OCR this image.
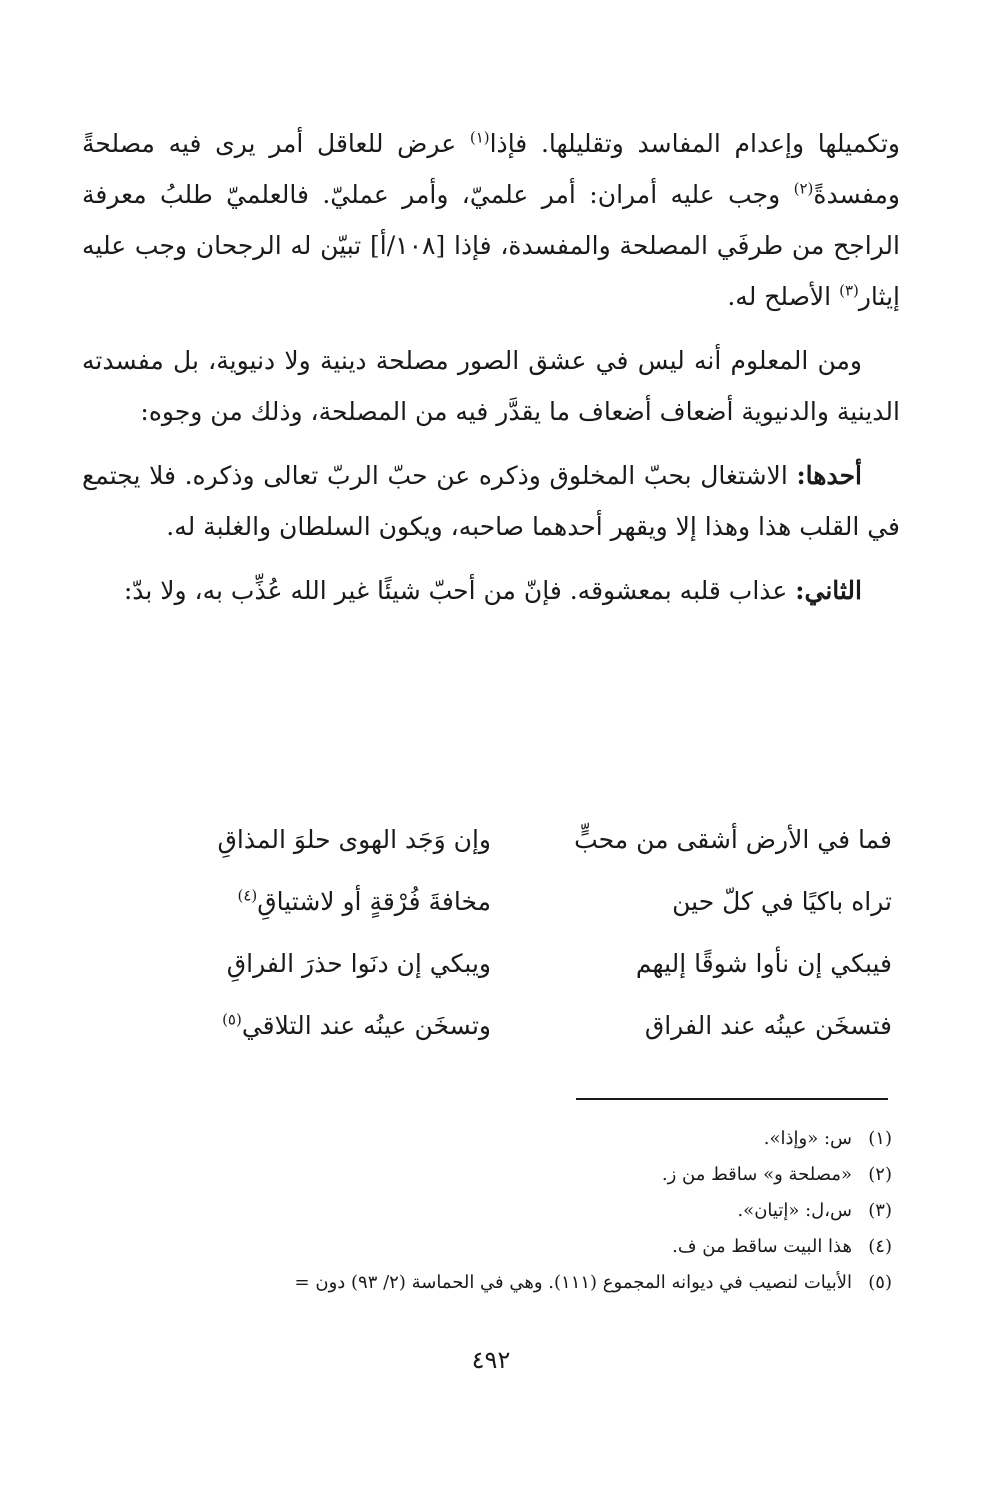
وتكميلها وإعدام المفاسد وتقليلها. فإذا$^{(١)}$ عرض للعاقل أمر يرى فيه مصلحةً ومفسدةً$^{(٢)}$ وجب عليه أمران: أمر علميّ، وأمر عمليّ. فالعلميّ طلبُ معرفة الراجح من طرفَي المصلحة والمفسدة، فإذا [١٠٨/أ] تبيّن له الرجحان وجب عليه إيثار$^{(٣)}$ الأصلح له.

ومن المعلوم أنه ليس في عشق الصور مصلحة دينية ولا دنيوية، بل مفسدته الدينية والدنيوية أضعاف أضعاف ما يقدَّر فيه من المصلحة، وذلك من وجوه:

أحدها: الاشتغال بحبّ المخلوق وذكره عن حبّ الربّ تعالى وذكره. فلا يجتمع في القلب هذا وهذا إلا ويقهر أحدهما صاحبه، ويكون السلطان والغلبة له.

الثاني: عذاب قلبه بمعشوقه. فإنّ من أحبّ شيئًا غير الله عُذِّب به، ولا بدّ:

فما في الأرض أشقى من محبٍّ
وإن وَجَد الهوى حلوَ المذاقِ
تراه باكيًا في كلّ حين
مخافةَ فُرْقةٍ أو لاشتياقِ$^{(٤)}$
فيبكي إن نأوا شوقًا إليهم
ويبكي إن دنَوا حذرَ الفراقِ
فتسخَن عينُه عند الفراق
وتسخَن عينُه عند التلاقي$^{(٥)}$
(١)
س: «وإذا».
(٢)
«مصلحة و» ساقط من ز.
(٣)
س،ل: «إتيان».
(٤)
هذا البيت ساقط من ف.
(٥)
الأبيات لنصيب في ديوانه المجموع (١١١). وهي في الحماسة (٢/ ٩٣) دون =
٤٩٢
